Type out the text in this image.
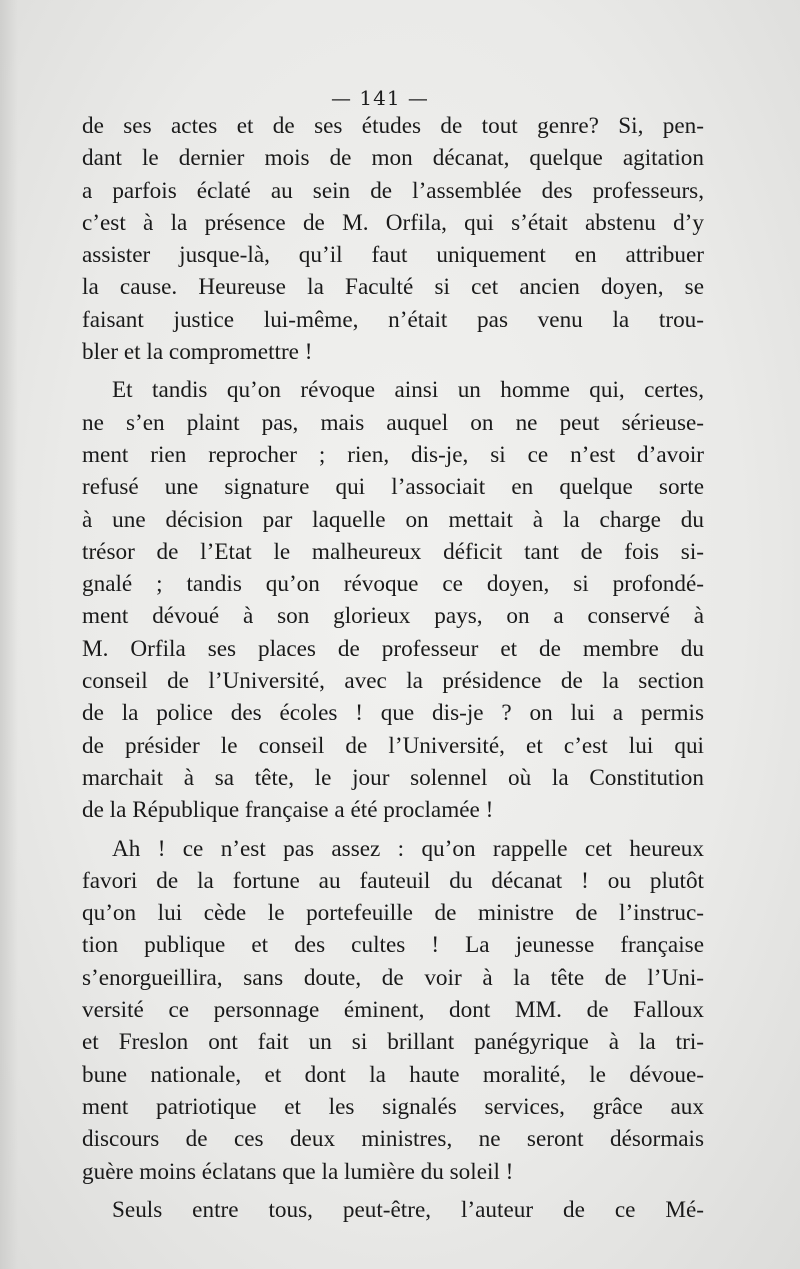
— 141 —
de ses actes et de ses études de tout genre? Si, pen-
dant le dernier mois de mon décanat, quelque agitation
a parfois éclaté au sein de l’assemblée des professeurs,
c’est à la présence de M. Orfila, qui s’était abstenu d’y
assister jusque-là, qu’il faut uniquement en attribuer
la cause. Heureuse la Faculté si cet ancien doyen, se
faisant justice lui-même, n’était pas venu la trou-
bler et la compromettre !
Et tandis qu’on révoque ainsi un homme qui, certes,
ne s’en plaint pas, mais auquel on ne peut sérieuse-
ment rien reprocher ; rien, dis-je, si ce n’est d’avoir
refusé une signature qui l’associait en quelque sorte
à une décision par laquelle on mettait à la charge du
trésor de l’Etat le malheureux déficit tant de fois si-
gnalé ; tandis qu’on révoque ce doyen, si profondé-
ment dévoué à son glorieux pays, on a conservé à
M. Orfila ses places de professeur et de membre du
conseil de l’Université, avec la présidence de la section
de la police des écoles ! que dis-je ? on lui a permis
de présider le conseil de l’Université, et c’est lui qui
marchait à sa tête, le jour solennel où la Constitution
de la République française a été proclamée !
Ah ! ce n’est pas assez : qu’on rappelle cet heureux
favori de la fortune au fauteuil du décanat ! ou plutôt
qu’on lui cède le portefeuille de ministre de l’instruc-
tion publique et des cultes ! La jeunesse française
s’enorgueillira, sans doute, de voir à la tête de l’Uni-
versité ce personnage éminent, dont MM. de Falloux
et Freslon ont fait un si brillant panégyrique à la tri-
bune nationale, et dont la haute moralité, le dévoue-
ment patriotique et les signalés services, grâce aux
discours de ces deux ministres, ne seront désormais
guère moins éclatans que la lumière du soleil !
Seuls entre tous, peut-être, l’auteur de ce Mé-
